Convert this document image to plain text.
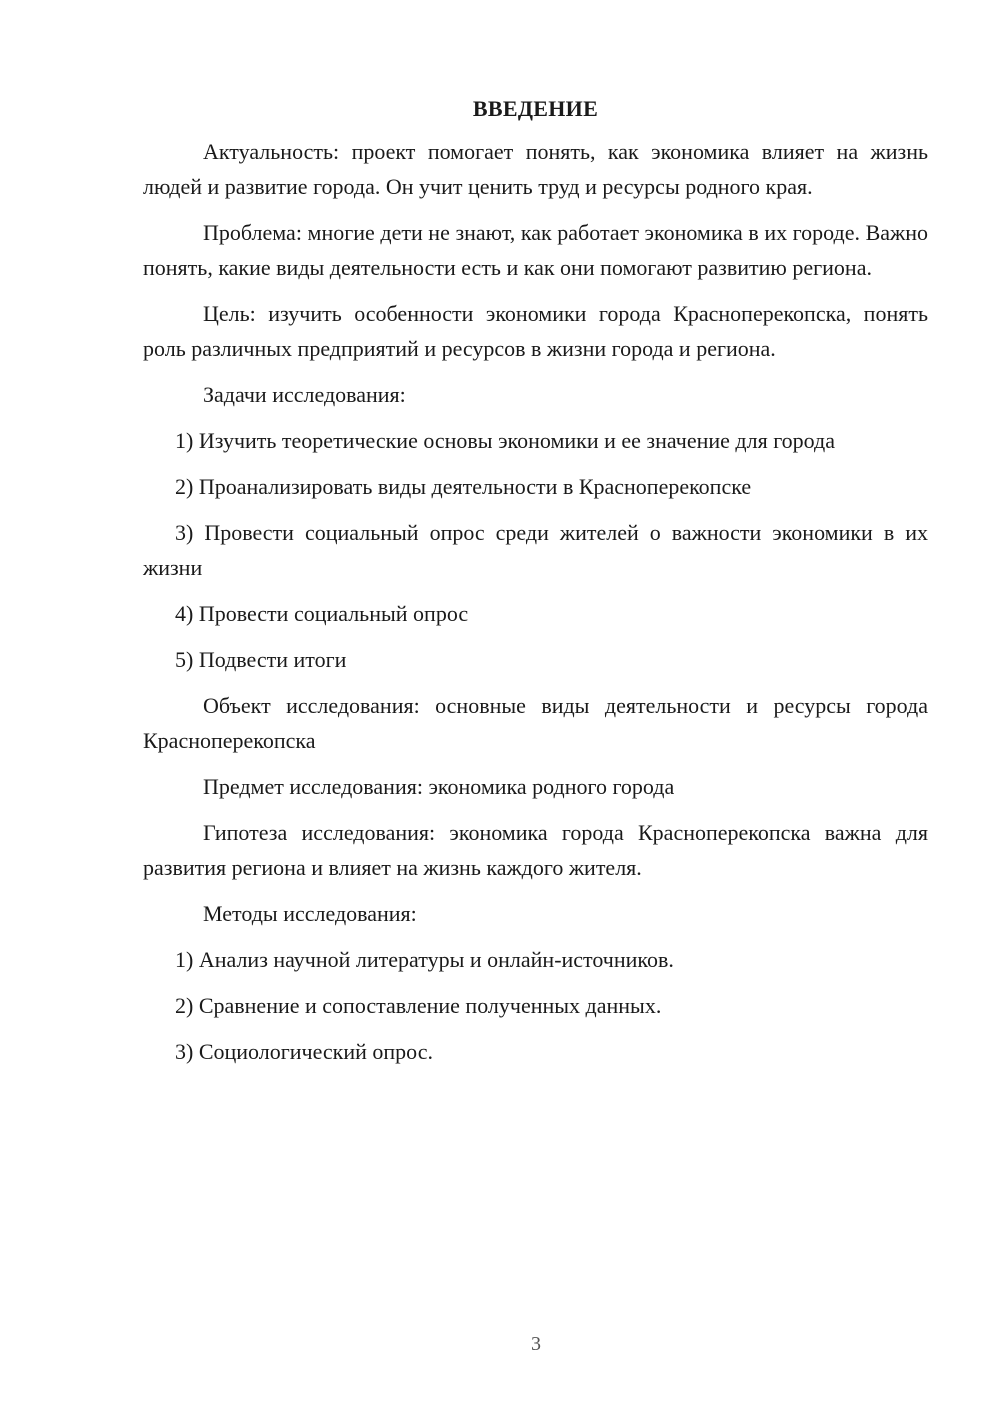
ВВЕДЕНИЕ

Актуальность: проект помогает понять, как экономика влияет на жизнь людей и развитие города. Он учит ценить труд и ресурсы родного края.

Проблема: многие дети не знают, как работает экономика в их городе. Важно понять, какие виды деятельности есть и как они помогают развитию региона.

Цель: изучить особенности экономики города Красноперекопска, понять роль различных предприятий и ресурсов в жизни города и региона.

Задачи исследования:

1) Изучить теоретические основы экономики и ее значение для города

2) Проанализировать виды деятельности в Красноперекопске

3) Провести социальный опрос среди жителей о важности экономики в их жизни

4) Провести социальный опрос

5) Подвести итоги

Объект исследования: основные виды деятельности и ресурсы города Красноперекопска

Предмет исследования: экономика родного города

Гипотеза исследования: экономика города Красноперекопска важна для развития региона и влияет на жизнь каждого жителя.

Методы исследования:

1) Анализ научной литературы и онлайн-источников.

2) Сравнение и сопоставление полученных данных.

3) Социологический опрос.

3
